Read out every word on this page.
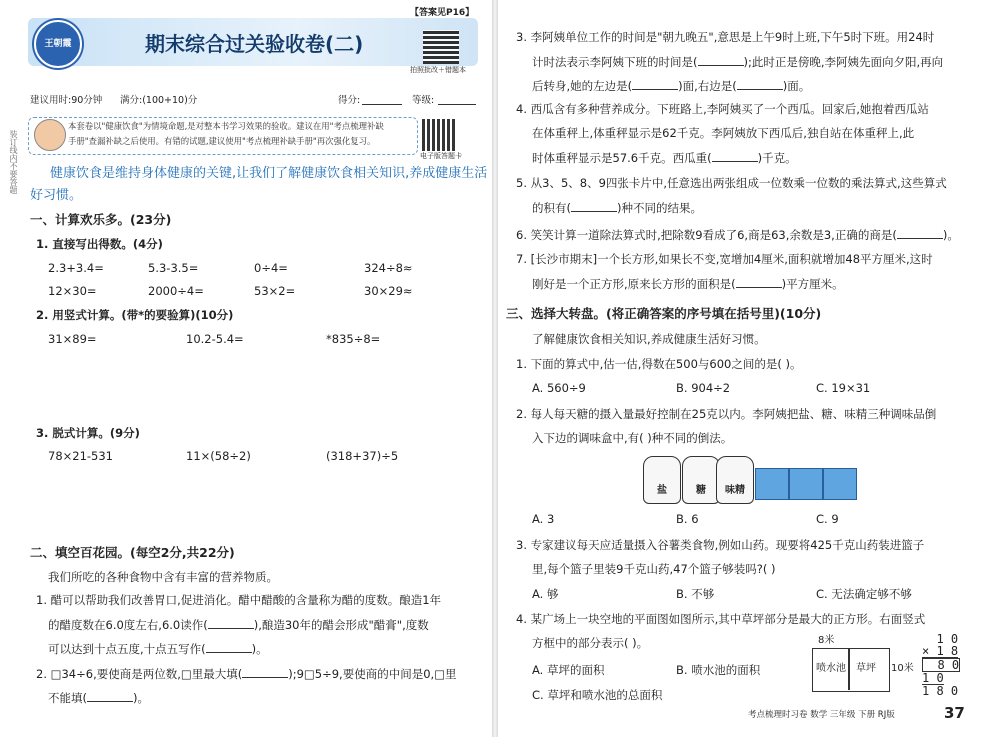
装订线内不要答题
王朝霞
【答案见P16】
期末综合过关验收卷(二)
拍照批改＋错题本
建议用时:90分钟 满分:(100+10)分	得分:	等级:
本套卷以"健康饮食"为情境命题,是对整本书学习效果的验收。建议在用"考点梳理补缺
手册"查漏补缺之后使用。有错的试题,建议使用"考点梳理补缺手册"再次强化复习。
电子版答题卡
健康饮食是维持身体健康的关键,让我们了解健康饮食相关知识,养成健康生活
好习惯。
一、计算欢乐多。(23分)
1. 直接写出得数。(4分)
2.3+3.4=	5.3-3.5=	0÷4=	324÷8≈
12×30=	2000÷4=	53×2=	30×29≈
2. 用竖式计算。(带*的要验算)(10分)
31×89=	10.2-5.4=	*835÷8=
3. 脱式计算。(9分)
78×21-531	11×(58÷2)	(318+37)÷5
二、填空百花园。(每空2分,共22分)
我们所吃的各种食物中含有丰富的营养物质。
1. 醋可以帮助我们改善胃口,促进消化。醋中醋酸的含量称为醋的度数。酿造1年
的醋度数在6.0度左右,6.0读作(	),酿造30年的醋会形成"醋膏",度数
可以达到十点五度,十点五写作(	)。
2. □34÷6,要使商是两位数,□里最大填(	);9□5÷9,要使商的中间是0,□里
不能填(	)。
3. 李阿姨单位工作的时间是"朝九晚五",意思是上午9时上班,下午5时下班。用24时
计时法表示李阿姨下班的时间是(	);此时正是傍晚,李阿姨先面向夕阳,再向
后转身,她的左边是(	)面,右边是(	)面。
4. 西瓜含有多种营养成分。下班路上,李阿姨买了一个西瓜。回家后,她抱着西瓜站
在体重秤上,体重秤显示是62千克。李阿姨放下西瓜后,独自站在体重秤上,此
时体重秤显示是57.6千克。西瓜重(	)千克。
5. 从3、5、8、9四张卡片中,任意选出两张组成一位数乘一位数的乘法算式,这些算式
的积有(	)种不同的结果。
6. 笑笑计算一道除法算式时,把除数9看成了6,商是63,余数是3,正确的商是(	)。
7. [长沙市期末]一个长方形,如果长不变,宽增加4厘米,面积就增加48平方厘米,这时
刚好是一个正方形,原来长方形的面积是(	)平方厘米。
三、选择大转盘。(将正确答案的序号填在括号里)(10分)
了解健康饮食相关知识,养成健康生活好习惯。
1. 下面的算式中,估一估,得数在500与600之间的是( )。
A. 560÷9	B. 904÷2	C. 19×31
2. 每人每天糖的摄入量最好控制在25克以内。李阿姨把盐、糖、味精三种调味品倒
入下边的调味盒中,有( )种不同的倒法。
盐	糖	味精
A. 3	B. 6	C. 9
3. 专家建议每天应适量摄入谷薯类食物,例如山药。现要将425千克山药装进篮子
里,每个篮子里装9千克山药,47个篮子够装吗?( )
A. 够	B. 不够	C. 无法确定够不够
4. 某广场上一块空地的平面图如图所示,其中草坪部分是最大的正方形。右面竖式
方框中的部分表示( )。
A. 草坪的面积	B. 喷水池的面积
C. 草坪和喷水池的总面积
8米
喷水池 草坪 10米
1 0
× 1 8
8 0
1 0
1 8 0
考点梳理时习卷 数学 三年级 下册 RJ版	37
